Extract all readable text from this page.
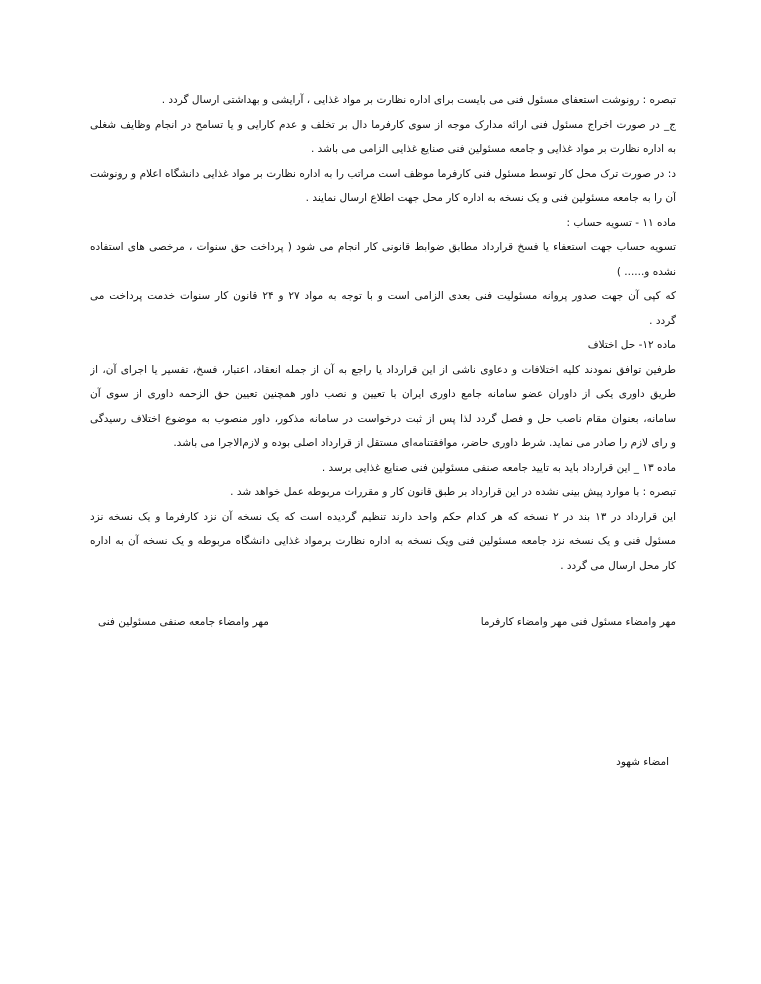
تبصره : رونوشت استعفای مسئول فنی می بایست برای اداره نظارت بر مواد غذایی ، آرایشی و بهداشتی ارسال گردد .
ج_ در صورت اخراج مسئول فنی ارائه مدارک موجه از سوی کارفرما دال بر تخلف و عدم کارایی و یا تسامح در انجام وظایف شغلی
به اداره نظارت بر مواد غذایی و جامعه مسئولین فنی صنایع غذایی الزامی می باشد .
د: در صورت ترک محل کار توسط مسئول فنی کارفرما موظف است مراتب را به اداره نظارت بر مواد غذایی دانشگاه اعلام و رونوشت
آن را به جامعه مسئولین فنی و یک نسخه به اداره کار محل جهت اطلاع ارسال نمایند .
ماده ۱۱ - تسویه حساب :
تسویه حساب جهت استعفاء یا فسخ قرارداد مطابق ضوابط قانونی کار انجام می شود ( پرداخت حق سنوات ، مرخصی های استفاده
نشده و...... )
که کپی آن جهت صدور پروانه مسئولیت فنی بعدی الزامی است و با توجه به مواد ۲۷ و ۲۴ قانون کار سنوات خدمت پرداخت می
گردد .
ماده ۱۲- حل اختلاف
طرفین توافق نمودند کلیه اختلافات و دعاوی ناشی از این قرارداد یا راجع به آن از جمله انعقاد، اعتبار، فسخ، تفسیر یا اجرای آن، از
طریق داوری یکی از داوران عضو سامانه جامع داوری ایران با تعیین و نصب داور همچنین تعیین حق الزحمه داوری از سوی آن
سامانه، بعنوان مقام ناصب حل و فصل گردد لذا پس از ثبت درخواست در سامانه مذکور، داور منصوب به موضوع اختلاف رسیدگی
و رای لازم را صادر می نماید. شرط داوری حاضر، موافقتنامه‌ای مستقل از قرارداد اصلی بوده و لازم‌الاجرا می باشد.
ماده ۱۳ _ این قرارداد باید به تایید جامعه صنفی مسئولین فنی صنایع غذایی برسد .
تبصره : با موارد پیش بینی نشده در این قرارداد بر طبق قانون کار و مقررات مربوطه عمل خواهد شد .
این قرارداد در ۱۳ بند در ۲ نسخه که هر کدام حکم واحد دارند تنظیم گردیده است که یک نسخه آن نزد کارفرما و یک نسخه نزد
مسئول فنی و یک نسخه نزد جامعه مسئولین فنی ویک نسخه به اداره نظارت برمواد غذایی دانشگاه مربوطه و یک نسخه آن به اداره
کار محل ارسال می گردد .
مهر وامضاء مسئول فنی مهر وامضاء کارفرما
مهر وامضاء جامعه صنفی مسئولین فنی
امضاء شهود
